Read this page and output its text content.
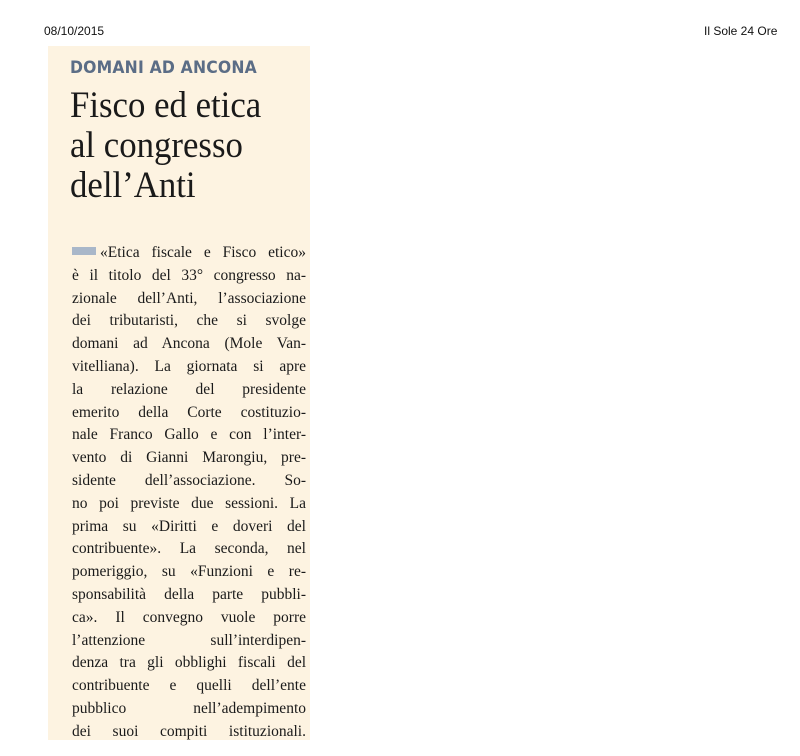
08/10/2015	Il Sole 24 Ore
DOMANI AD ANCONA
Fisco ed etica
al congresso
dell’Anti
«Etica fiscale e Fisco etico»
è il titolo del 33° congresso na-
zionale dell’Anti, l’associazione
dei tributaristi, che si svolge
domani ad Ancona (Mole Van-
vitelliana). La giornata si apre
la relazione del presidente
emerito della Corte costituzio-
nale Franco Gallo e con l’inter-
vento di Gianni Marongiu, pre-
sidente dell’associazione. So-
no poi previste due sessioni. La
prima su «Diritti e doveri del
contribuente». La seconda, nel
pomeriggio, su «Funzioni e re-
sponsabilità della parte pubbli-
ca». Il convegno vuole porre
l’attenzione sull’interdipen-
denza tra gli obblighi fiscali del
contribuente e quelli dell’ente
pubblico nell’adempimento
dei suoi compiti istituzionali.
